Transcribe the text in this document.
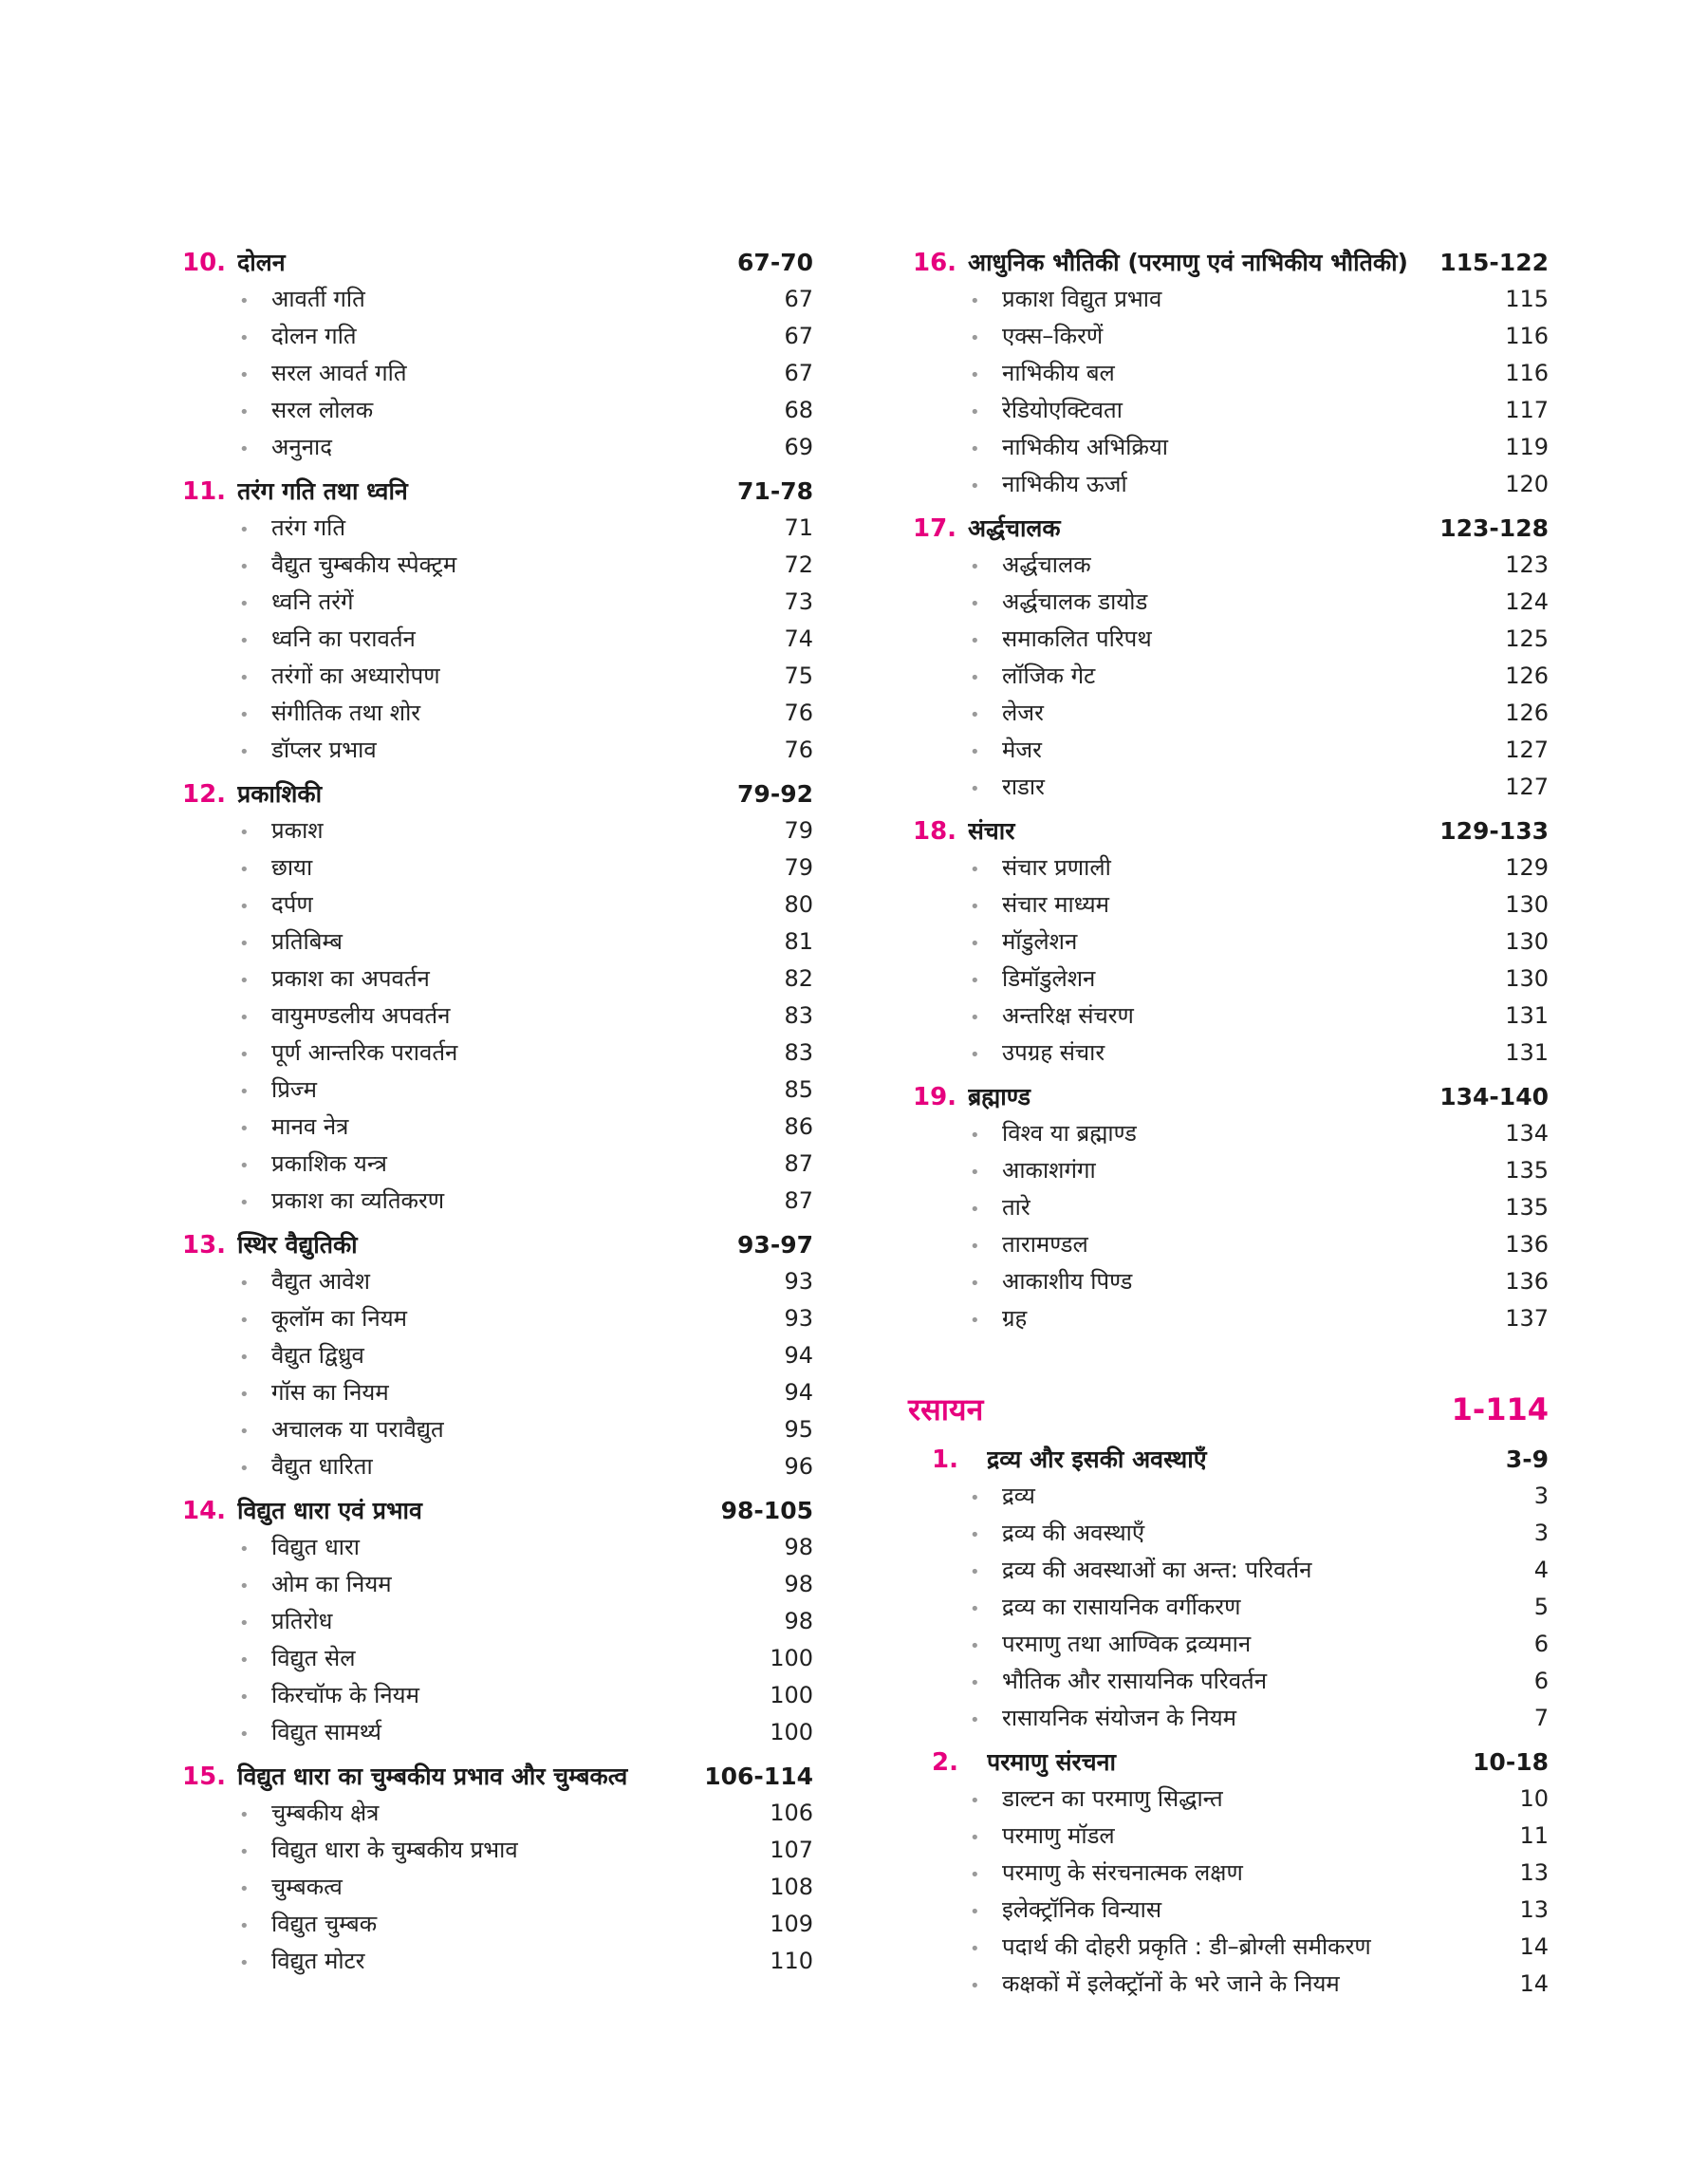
10. दोलन	67-70
• आवर्ती गति	67
• दोलन गति	67
• सरल आवर्त गति	67
• सरल लोलक	68
• अनुनाद	69
11. तरंग गति तथा ध्वनि	71-78
• तरंग गति	71
• वैद्युत चुम्बकीय स्पेक्ट्रम	72
• ध्वनि तरंगें	73
• ध्वनि का परावर्तन	74
• तरंगों का अध्यारोपण	75
• संगीतिक तथा शोर	76
• डॉप्लर प्रभाव	76
12. प्रकाशिकी	79-92
• प्रकाश	79
• छाया	79
• दर्पण	80
• प्रतिबिम्ब	81
• प्रकाश का अपवर्तन	82
• वायुमण्डलीय अपवर्तन	83
• पूर्ण आन्तरिक परावर्तन	83
• प्रिज्म	85
• मानव नेत्र	86
• प्रकाशिक यन्त्र	87
• प्रकाश का व्यतिकरण	87
13. स्थिर वैद्युतिकी	93-97
• वैद्युत आवेश	93
• कूलॉम का नियम	93
• वैद्युत द्विध्रुव	94
• गॉस का नियम	94
• अचालक या परावैद्युत	95
• वैद्युत धारिता	96
14. विद्युत धारा एवं प्रभाव	98-105
• विद्युत धारा	98
• ओम का नियम	98
• प्रतिरोध	98
• विद्युत सेल	100
• किरचॉफ के नियम	100
• विद्युत सामर्थ्य	100
15. विद्युत धारा का चुम्बकीय प्रभाव और चुम्बकत्व	106-114
• चुम्बकीय क्षेत्र	106
• विद्युत धारा के चुम्बकीय प्रभाव	107
• चुम्बकत्व	108
• विद्युत चुम्बक	109
• विद्युत मोटर	110
16. आधुनिक भौतिकी (परमाणु एवं नाभिकीय भौतिकी)	115-122
• प्रकाश विद्युत प्रभाव	115
• एक्स–किरणें	116
• नाभिकीय बल	116
• रेडियोएक्टिवता	117
• नाभिकीय अभिक्रिया	119
• नाभिकीय ऊर्जा	120
17. अर्द्धचालक	123-128
• अर्द्धचालक	123
• अर्द्धचालक डायोड	124
• समाकलित परिपथ	125
• लॉजिक गेट	126
• लेजर	126
• मेजर	127
• राडार	127
18. संचार	129-133
• संचार प्रणाली	129
• संचार माध्यम	130
• मॉडुलेशन	130
• डिमॉडुलेशन	130
• अन्तरिक्ष संचरण	131
• उपग्रह संचार	131
19. ब्रह्माण्ड	134-140
• विश्व या ब्रह्माण्ड	134
• आकाशगंगा	135
• तारे	135
• तारामण्डल	136
• आकाशीय पिण्ड	136
• ग्रह	137
रसायन	1-114
1.	द्रव्य और इसकी अवस्थाएँ	3-9
• द्रव्य	3
• द्रव्य की अवस्थाएँ	3
• द्रव्य की अवस्थाओं का अन्त: परिवर्तन	4
• द्रव्य का रासायनिक वर्गीकरण	5
• परमाणु तथा आण्विक द्रव्यमान	6
• भौतिक और रासायनिक परिवर्तन	6
• रासायनिक संयोजन के नियम	7
2.	परमाणु संरचना	10-18
• डाल्टन का परमाणु सिद्धान्त	10
• परमाणु मॉडल	11
• परमाणु के संरचनात्मक लक्षण	13
• इलेक्ट्रॉनिक विन्यास	13
• पदार्थ की दोहरी प्रकृति : डी–ब्रोग्ली समीकरण	14
• कक्षकों में इलेक्ट्रॉनों के भरे जाने के नियम	14
